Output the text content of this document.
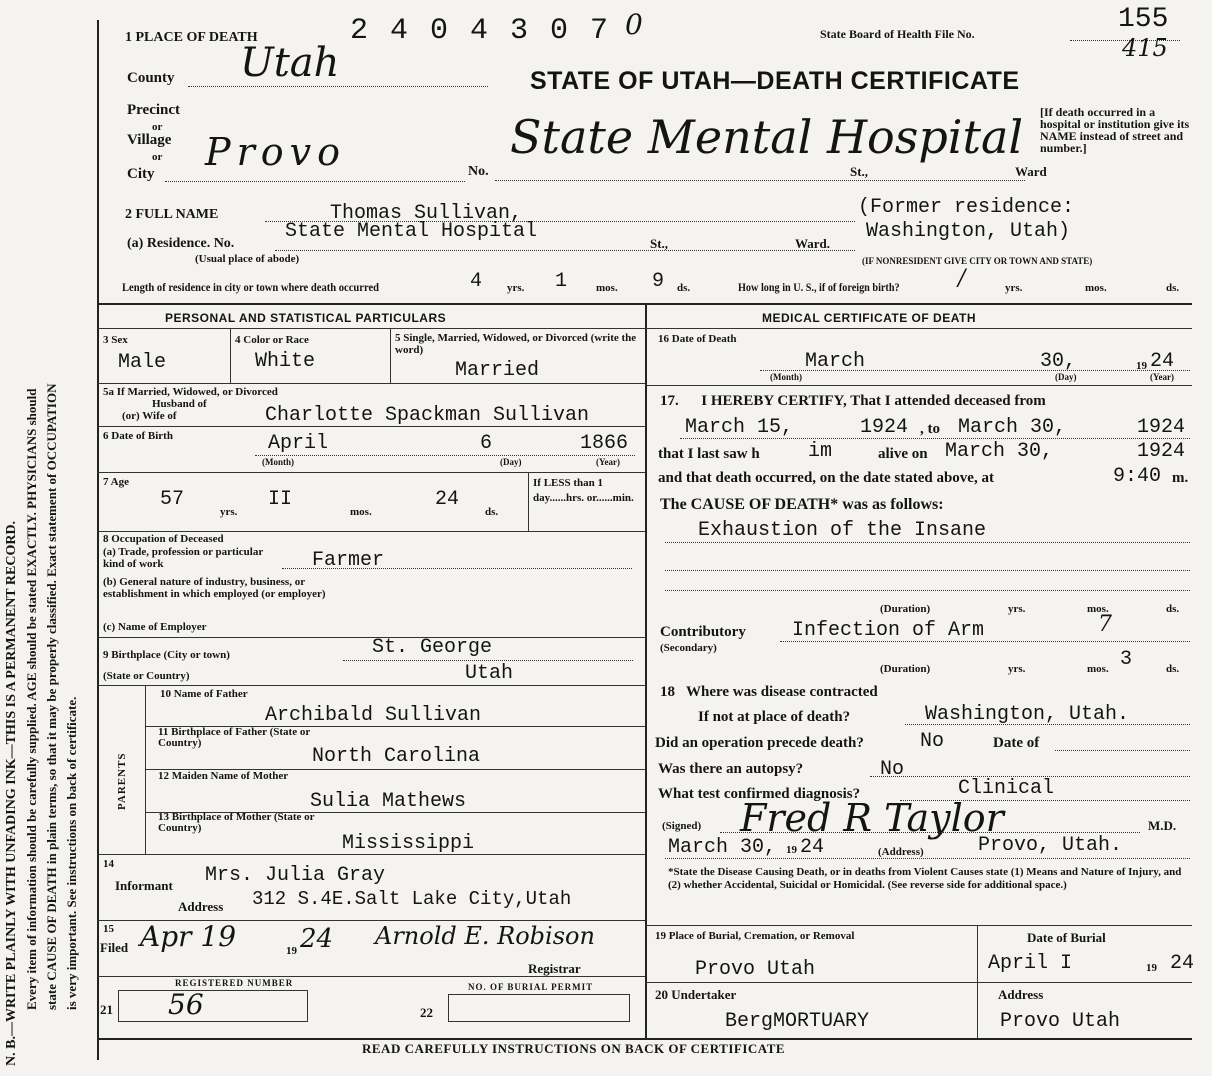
N. B.—WRITE PLAINLY WITH UNFADING INK—THIS IS A PERMANENT RECORD. Every item of information should be carefully supplied. AGE should be stated EXACTLY. PHYSICIANS should state CAUSE OF DEATH in plain terms, so that it may be properly classified. Exact statement of OCCUPATION is very important. See instructions on back of certificate.
1 PLACE OF DEATH	2 4 0 4 3 0 7 0	State Board of Health File No.	155
415
STATE OF UTAH—DEATH CERTIFICATE
County Utah
Precinct
or
Village
or
City Provo	No.
State Mental Hospital
St.,	Ward
[If death occurred in a hospital or institution give its NAME instead of street and number.]
2 FULL NAME	Thomas Sullivan,	(Former residence:
Washington, Utah)
(a) Residence. No.
State Mental Hospital
St.,	Ward.
(Usual place of abode)	(IF NONRESIDENT GIVE CITY OR TOWN AND STATE)
Length of residence in city or town where death occurred	4 yrs. 1	mos. 9 ds.	How long in U. S., if of foreign birth?	/	yrs.	mos.	ds.
PERSONAL AND STATISTICAL PARTICULARS
3 Sex
Male
4 Color or Race
White
5 Single, Married, Widowed, or Divorced (write the word)
Married
5a If Married, Widowed, or Divorced
Husband of
(or) Wife of	Charlotte Spackman Sullivan
6 Date of Birth	April	6	1866
(Month)	(Day)	(Year)
7 Age
57
yrs.
II
mos.
24
ds.
If LESS than 1 day......hrs. or......min.
8 Occupation of Deceased
(a) Trade, profession or particular kind of work	Farmer
(b) General nature of industry, business, or establishment in which employed (or employer)
(c) Name of Employer
9 Birthplace (City or town)	St. George
(State or Country)	Utah
PARENTS
10 Name of Father
Archibald Sullivan
11 Birthplace of Father (State or Country)
North Carolina
12 Maiden Name of Mother
Sulia Mathews
13 Birthplace of Mother (State or Country)
Mississippi
14
Informant Mrs. Julia Gray
Address 312 S.4E.Salt Lake City,Utah
15
Filed Apr 19	19 24 Arnold E. Robison
Registrar
REGISTERED NUMBER
21 56
NO. OF BURIAL PERMIT
22
MEDICAL CERTIFICATE OF DEATH
16 Date of Death
March	30,	19 24
(Month)	(Day)	(Year)
17.      I HEREBY CERTIFY, That I attended deceased from
March 15,	1924 , to March 30,	1924
that I last saw h im	alive on March 30,	1924
and that death occurred, on the date stated above, at	9:40 m.
The CAUSE OF DEATH* was as follows:
Exhaustion of the Insane
(Duration)	yrs.	mos.	ds.
Contributory Infection of Arm	7
(Secondary)
(Duration)	yrs.	mos. 3	ds.
18   Where was disease contracted
If not at place of death?	Washington, Utah.
Did an operation precede death?	No	Date of
Was there an autopsy?	No
What test confirmed diagnosis?	Clinical
(Signed) Fred R Taylor	M.D.
March 30, 19 24	(Address)	Provo, Utah.
*State the Disease Causing Death, or in deaths from Violent Causes state (1) Means and Nature of Injury, and (2) whether Accidental, Suicidal or Homicidal. (See reverse side for additional space.)
19 Place of Burial, Cremation, or Removal
Provo Utah
Date of Burial
April I	19 24
20 Undertaker
BergMORTUARY
Address
Provo Utah
READ CAREFULLY INSTRUCTIONS ON BACK OF CERTIFICATE
